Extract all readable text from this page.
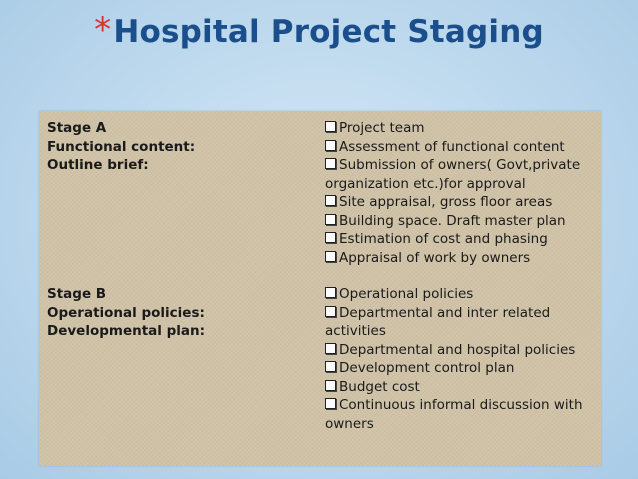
*Hospital Project Staging
Stage A
Functional content:
Outline brief:
Project team
Assessment of functional content
Submission of owners( Govt,private organization etc.)for approval
Site appraisal, gross floor areas
Building space. Draft master plan
Estimation of cost and phasing
Appraisal of work by owners
Stage B
Operational policies:
Developmental plan:
Operational policies
Departmental and inter related activities
Departmental and hospital policies
Development control plan
Budget cost
Continuous informal discussion with owners
